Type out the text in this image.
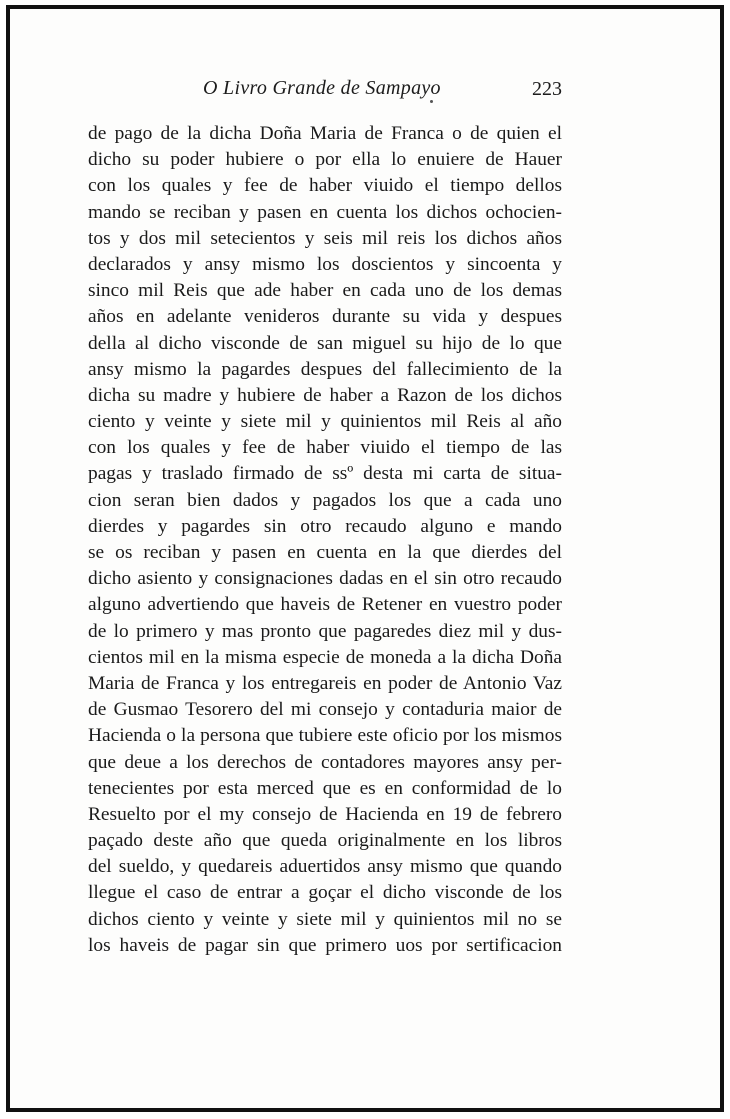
O Livro Grande de Sampayo	223
de pago de la dicha Doña Maria de Franca o de quien el
dicho su poder hubiere o por ella lo enuiere de Hauer
con los quales y fee de haber viuido el tiempo dellos
mando se reciban y pasen en cuenta los dichos ochocien-
tos y dos mil setecientos y seis mil reis los dichos años
declarados y ansy mismo los doscientos y sincoenta y
sinco mil Reis que ade haber en cada uno de los demas
años en adelante venideros durante su vida y despues
della al dicho visconde de san miguel su hijo de lo que
ansy mismo la pagardes despues del fallecimiento de la
dicha su madre y hubiere de haber a Razon de los dichos
ciento y veinte y siete mil y quinientos mil Reis al año
con los quales y fee de haber viuido el tiempo de las
pagas y traslado firmado de ssº desta mi carta de situa-
cion seran bien dados y pagados los que a cada uno
dierdes y pagardes sin otro recaudo alguno e mando
se os reciban y pasen en cuenta en la que dierdes del
dicho asiento y consignaciones dadas en el sin otro recaudo
alguno advertiendo que haveis de Retener en vuestro poder
de lo primero y mas pronto que pagaredes diez mil y dus-
cientos mil en la misma especie de moneda a la dicha Doña
Maria de Franca y los entregareis en poder de Antonio Vaz
de Gusmao Tesorero del mi consejo y contaduria maior de
Hacienda o la persona que tubiere este oficio por los mismos
que deue a los derechos de contadores mayores ansy per-
tenecientes por esta merced que es en conformidad de lo
Resuelto por el my consejo de Hacienda en 19 de febrero
paçado deste año que queda originalmente en los libros
del sueldo, y quedareis aduertidos ansy mismo que quando
llegue el caso de entrar a goçar el dicho visconde de los
dichos ciento y veinte y siete mil y quinientos mil no se
los haveis de pagar sin que primero uos por sertificacion
